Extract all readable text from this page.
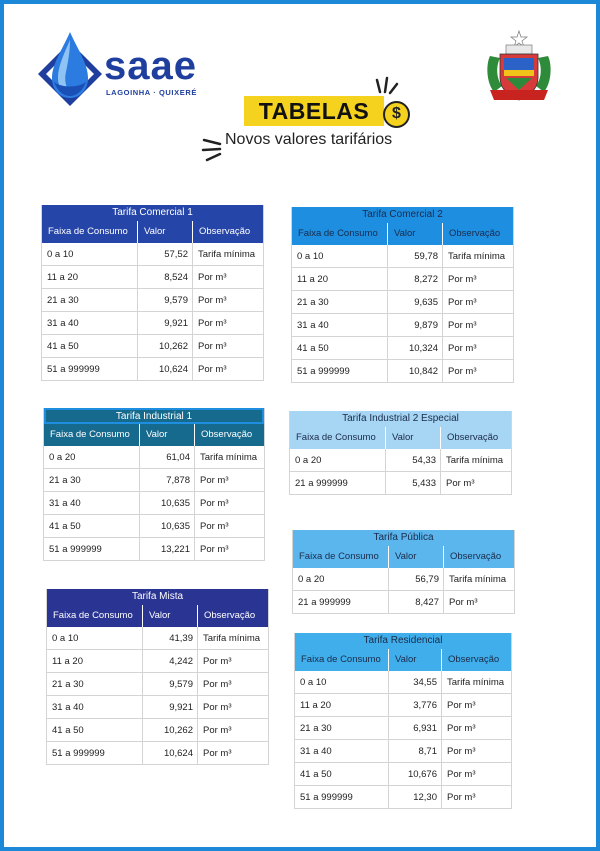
saae
LAGOINHA · QUIXERÉ
TABELAS	$
Novos valores tarifários
Tarifa Comercial 1
Faixa de Consumo	Valor	Observação
0 a 10	57,52	Tarifa mínima
11 a 20	8,524	Por m³
21 a 30	9,579	Por m³
31 a 40	9,921	Por m³
41 a 50	10,262	Por m³
51 a 999999	10,624	Por m³
Tarifa Comercial 2
Faixa de Consumo	Valor	Observação
0 a 10	59,78	Tarifa mínima
11 a 20	8,272	Por m³
21 a 30	9,635	Por m³
31 a 40	9,879	Por m³
41 a 50	10,324	Por m³
51 a 999999	10,842	Por m³
Tarifa Industrial 1
Faixa de Consumo	Valor	Observação
0 a 20	61,04	Tarifa mínima
21 a 30	7,878	Por m³
31 a 40	10,635	Por m³
41 a 50	10,635	Por m³
51 a 999999	13,221	Por m³
Tarifa Industrial 2 Especial
Faixa de Consumo	Valor	Observação
0 a 20	54,33	Tarifa mínima
21 a 999999	5,433	Por m³
Tarifa Pública
Faixa de Consumo	Valor	Observação
0 a 20	56,79	Tarifa mínima
21 a 999999	8,427	Por m³
Tarifa Mista
Faixa de Consumo	Valor	Observação
0 a 10	41,39	Tarifa mínima
11 a 20	4,242	Por m³
21 a 30	9,579	Por m³
31 a 40	9,921	Por m³
41 a 50	10,262	Por m³
51 a 999999	10,624	Por m³
Tarifa Residencial
Faixa de Consumo	Valor	Observação
0 a 10	34,55	Tarifa mínima
11 a 20	3,776	Por m³
21 a 30	6,931	Por m³
31 a 40	8,71	Por m³
41 a 50	10,676	Por m³
51 a 999999	12,30	Por m³
